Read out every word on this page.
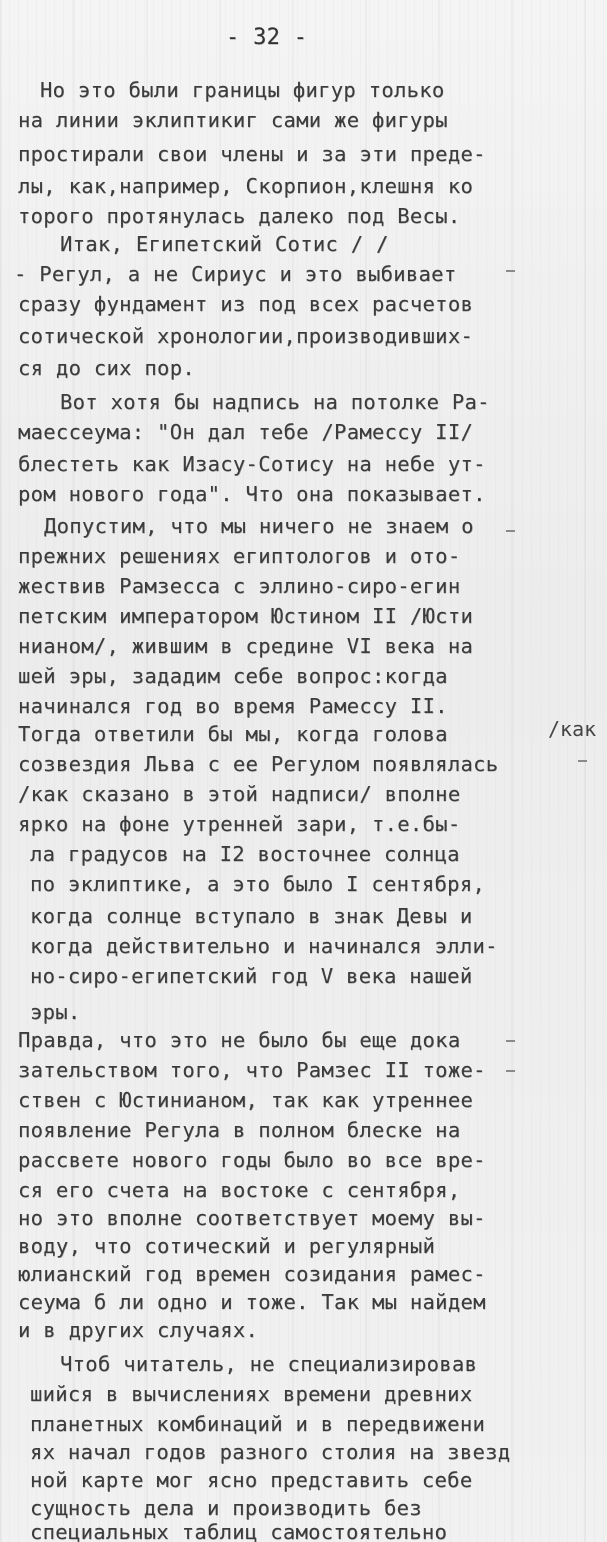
- 32 -
Но это были границы фигур только
на линии эклиптикиг сами же фигуры
простирали свои члены и за эти преде-
лы, как,например, Скорпион,клешня ко
торого протянулась далеко под Весы.
Итак, Египетский Сотис / /
- Регул, а не Сириус и это выбивает
сразу фундамент из под всех расчетов
сотической хронологии,производивших-
ся до сих пор.
Вот хотя бы надпись на потолке Ра-
маессеума: "Он дал тебе /Рамессу II/
блестеть как Изасу-Сотису на небе ут-
ром нового года". Что она показывает.
Допустим, что мы ничего не знаем о
прежних решениях египтологов и ото-
жествив Рамзесса с эллино-сиро-егин
петским императором Юстином II /Юсти
нианом/, жившим в средине VI века на
шей эры, зададим себе вопрос:когда
начинался год во время Рамессу II.
Тогда ответили бы мы, когда голова
созвездия Льва с ее Регулом появлялась
/как сказано в этой надписи/ вполне
ярко на фоне утренней зари, т.е.бы-
ла градусов на I2 восточнее солнца
по эклиптике, а это было I сентября,
когда солнце вступало в знак Девы и
когда действительно и начинался элли-
но-сиро-египетский год V века нашей
эры.
Правда, что это не было бы еще дока
зательством того, что Рамзес II тоже-
ствен с Юстинианом, так как утреннее
появление Регула в полном блеске на
рассвете нового годы было во все вре-
ся его счета на востоке с сентября,
но это вполне соответствует моему вы-
воду, что сотический и регулярный
юлианский год времен созидания рамес-
сеума б ли одно и тоже. Так мы найдем
и в других случаях.
Чтоб читатель, не специализировав
шийся в вычислениях времени древних
планетных комбинаций и в передвижени
ях начал годов разного столия на звезд
ной карте мог ясно представить себе
сущность дела и производить без
специальных таблиц самостоятельно
/как
